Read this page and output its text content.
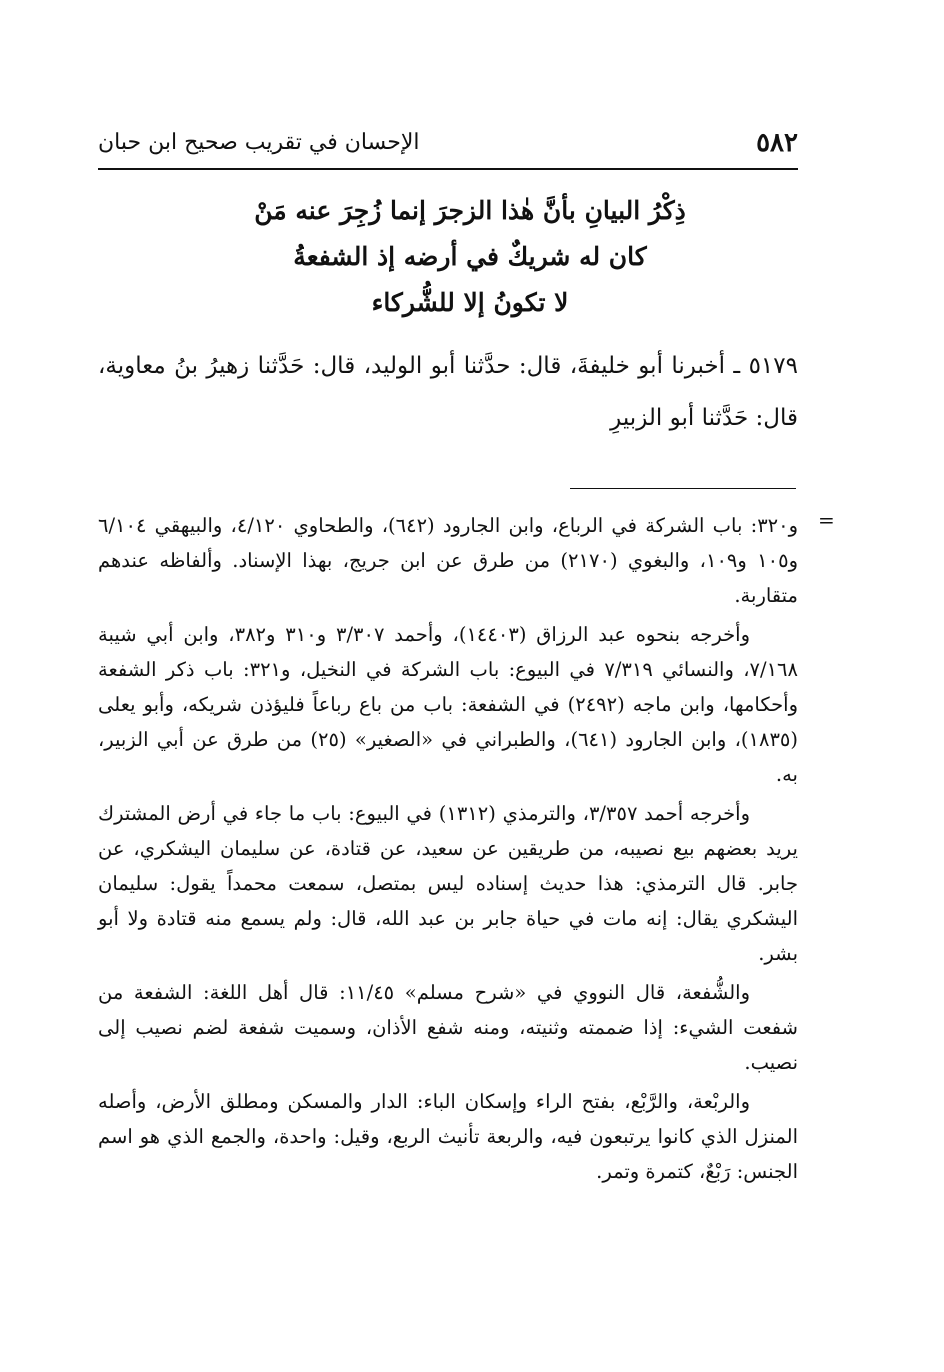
٥٨٢
الإحسان في تقريب صحيح ابن حبان
ذِكْرُ البيانِ بأنَّ هٰذا الزجرَ إنما زُجِرَ عنه مَنْ
كان له شريكٌ في أرضه إذ الشفعةُ
لا تكونُ إلا للشُّركاء
٥١٧٩ ـ أخبرنا أبو خليفةَ، قال: حدَّثنا أبو الوليد، قال: حَدَّثنا زهيرُ بنُ معاوية، قال: حَدَّثنا أبو الزبيرِ
=

و٣٢٠: باب الشركة في الرباع، وابن الجارود (٦٤٢)، والطحاوي ٤/١٢٠، والبيهقي ٦/١٠٤ و١٠٥ و١٠٩، والبغوي (٢١٧٠) من طرق عن ابن جريج، بهذا الإسناد. وألفاظه عندهم متقاربة.

وأخرجه بنحوه عبد الرزاق (١٤٤٠٣)، وأحمد ٣/٣٠٧ و٣١٠ و٣٨٢، وابن أبي شيبة ٧/١٦٨، والنسائي ٧/٣١٩ في البيوع: باب الشركة في النخيل، و٣٢١: باب ذكر الشفعة وأحكامها، وابن ماجه (٢٤٩٢) في الشفعة: باب من باع رباعاً فليؤذن شريكه، وأبو يعلى (١٨٣٥)، وابن الجارود (٦٤١)، والطبراني في «الصغير» (٢٥) من طرق عن أبي الزبير، به.

وأخرجه أحمد ٣/٣٥٧، والترمذي (١٣١٢) في البيوع: باب ما جاء في أرض المشترك يريد بعضهم بيع نصيبه، من طريقين عن سعيد، عن قتادة، عن سليمان اليشكري، عن جابر. قال الترمذي: هذا حديث إسناده ليس بمتصل، سمعت محمداً يقول: سليمان اليشكري يقال: إنه مات في حياة جابر بن عبد الله، قال: ولم يسمع منه قتادة ولا أبو بشر.

والشُّفعة، قال النووي في «شرح مسلم» ١١/٤٥: قال أهل اللغة: الشفعة من شفعت الشيء: إذا ضممته وثنيته، ومنه شفع الأذان، وسميت شفعة لضم نصيب إلى نصيب.

والربْعة، والرَّبْع، بفتح الراء وإسكان الباء: الدار والمسكن ومطلق الأرض، وأصله المنزل الذي كانوا يرتبعون فيه، والربعة تأنيث الربع، وقيل: واحدة، والجمع الذي هو اسم الجنس: رَبْعٌ، كتمرة وتمر.
